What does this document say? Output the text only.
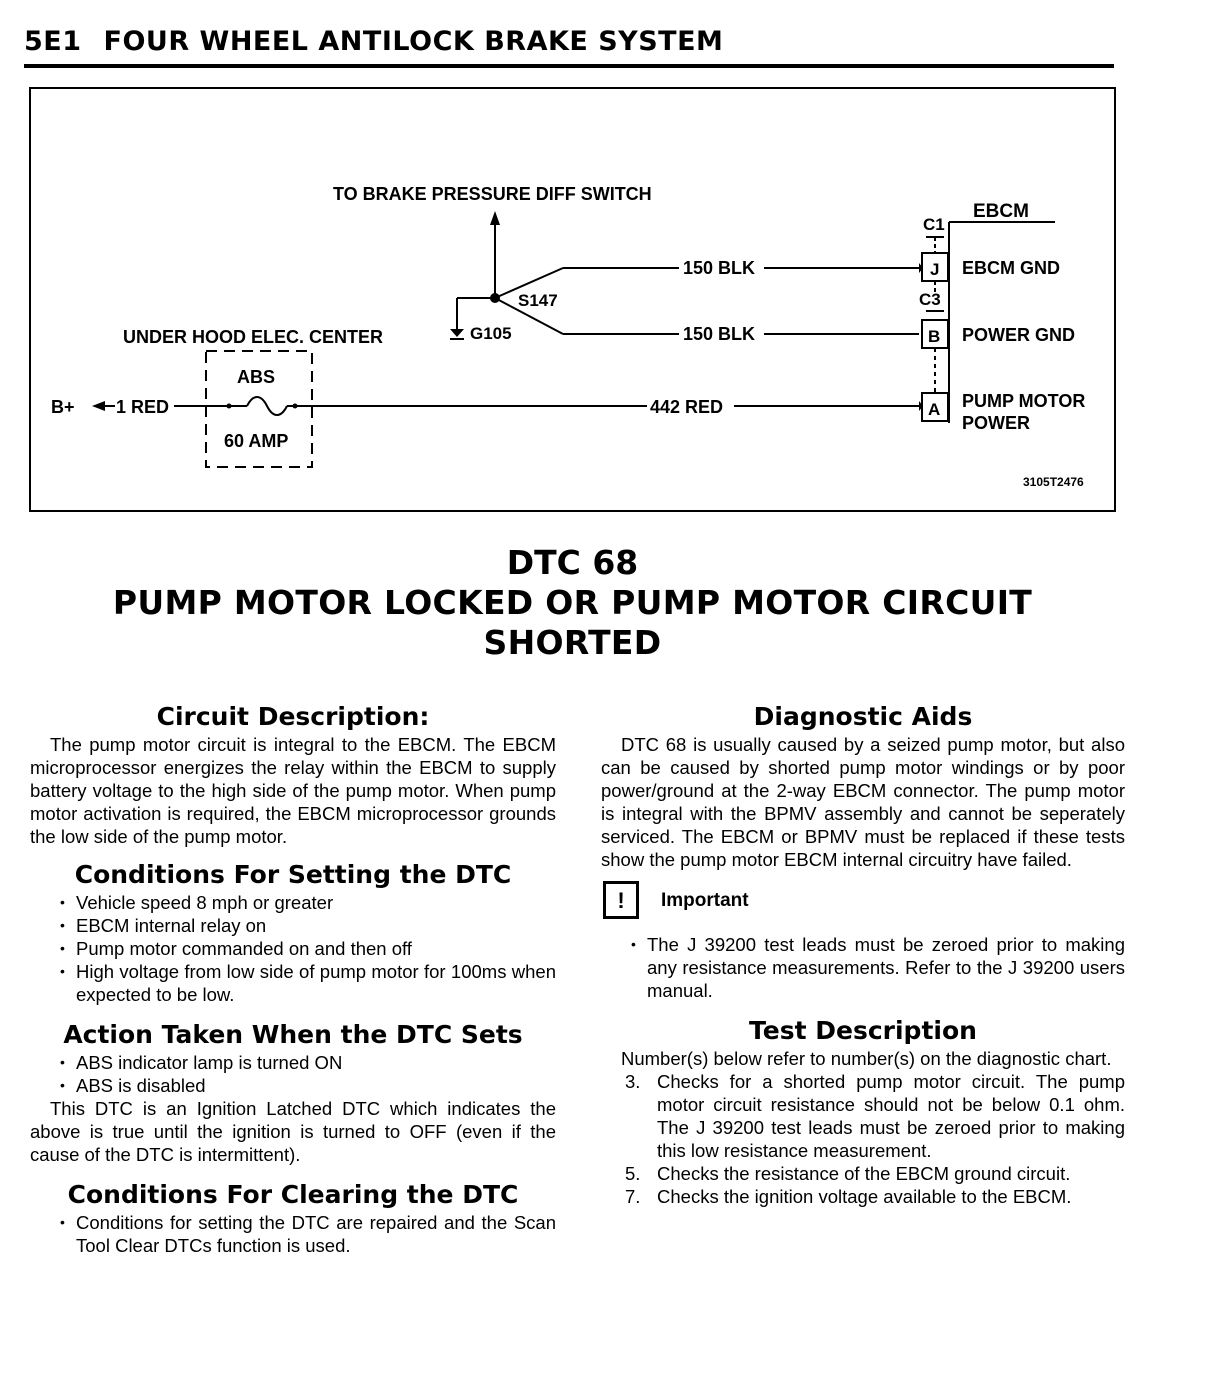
5E1 FOUR WHEEL ANTILOCK BRAKE SYSTEM
TO BRAKE PRESSURE DIFF SWITCH
S147
150 BLK
150 BLK
G105
EBCM
C1
J EBCM GND
C3
B POWER GND
A PUMP MOTOR
POWER
UNDER HOOD ELEC. CENTER
ABS
60 AMP
B+ 1 RED	442 RED
3105T2476
DTC 68
PUMP MOTOR LOCKED OR PUMP MOTOR CIRCUIT
SHORTED
Circuit Description:

The pump motor circuit is integral to the EBCM. The EBCM microprocessor energizes the relay within the EBCM to supply battery voltage to the high side of the pump motor. When pump motor activation is required, the EBCM microprocessor grounds the low side of the pump motor.

Conditions For Setting the DTC
• Vehicle speed 8 mph or greater
• EBCM internal relay on
• Pump motor commanded on and then off
• High voltage from low side of pump motor for 100ms when expected to be low.
Action Taken When the DTC Sets
• ABS indicator lamp is turned ON
• ABS is disabled

This DTC is an Ignition Latched DTC which indicates the above is true until the ignition is turned to OFF (even if the cause of the DTC is intermittent).

Conditions For Clearing the DTC
• Conditions for setting the DTC are repaired and the Scan Tool Clear DTCs function is used.
Diagnostic Aids

DTC 68 is usually caused by a seized pump motor, but also can be caused by shorted pump motor windings or by poor power/ground at the 2-way EBCM connector. The pump motor is integral with the BPMV assembly and cannot be seperately serviced. The EBCM or BPMV must be replaced if these tests show the pump motor EBCM internal circuitry have failed.

!	Important
• The J 39200 test leads must be zeroed prior to making any resistance measurements. Refer to the J 39200 users manual.
Test Description

Number(s) below refer to number(s) on the diagnostic chart.

3. Checks for a shorted pump motor circuit. The pump motor circuit resistance should not be below 0.1 ohm. The J 39200 test leads must be zeroed prior to making this low resistance measurement.
5. Checks the resistance of the EBCM ground circuit.
7. Checks the ignition voltage available to the EBCM.
